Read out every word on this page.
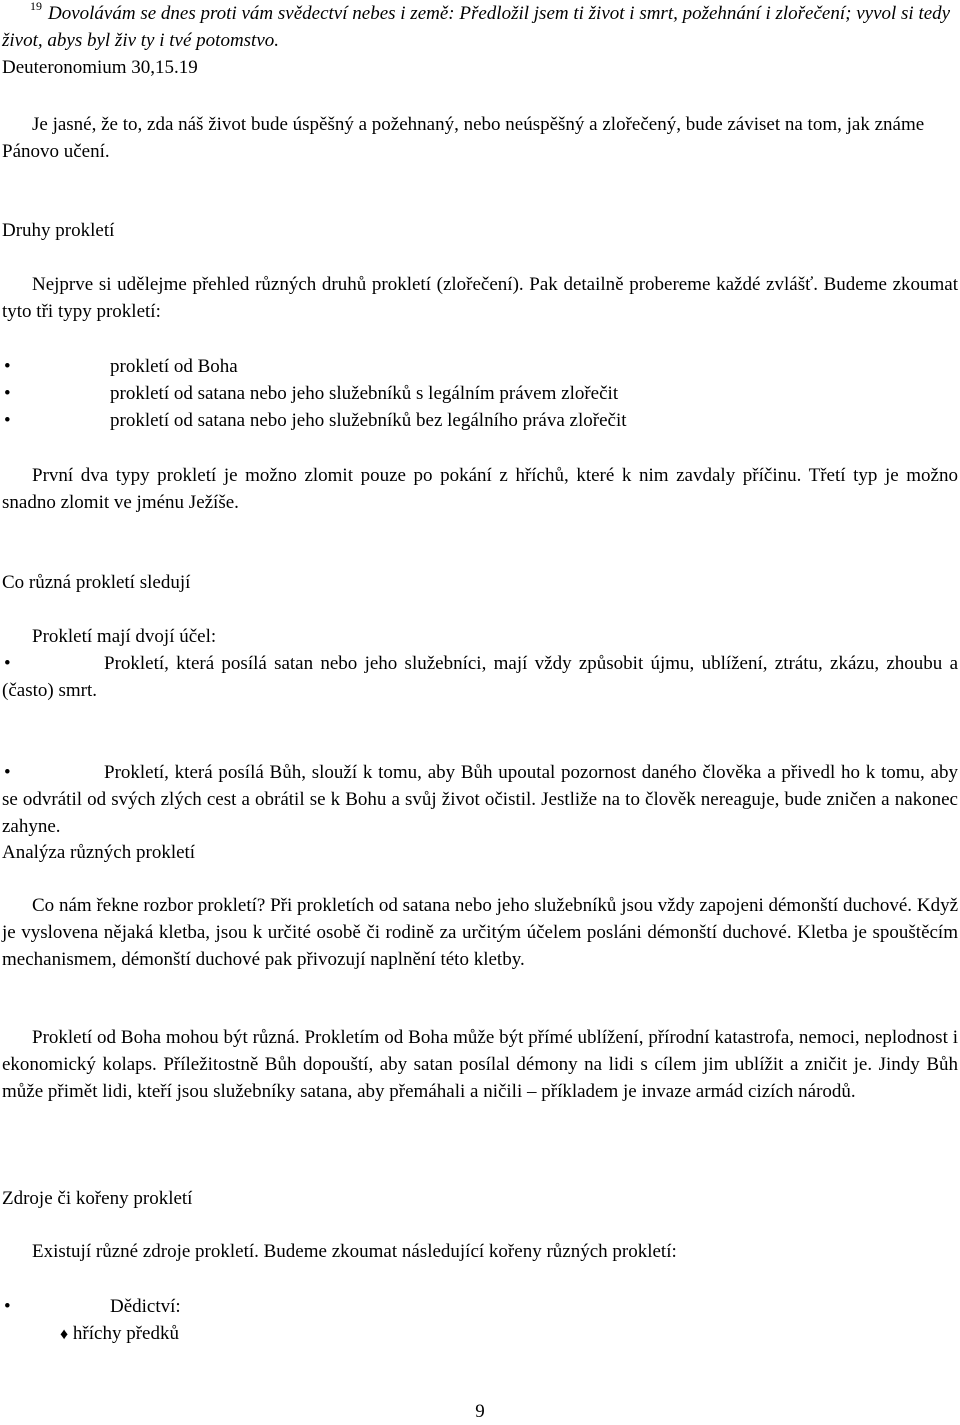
$^{19}$ Dovolávám se dnes proti vám svědectví nebes i země: Předložil jsem ti život i smrt, požehnání i zlořečení; vyvol si tedy život, abys byl živ ty i tvé potomstvo.
Deuteronomium 30,15.19
Je jasné, že to, zda náš život bude úspěšný a požehnaný, nebo neúspěšný a zlořečený, bude záviset na tom, jak známe Pánovo učení.
Druhy prokletí
Nejprve si udělejme přehled různých druhů prokletí (zlořečení). Pak detailně probereme každé zvlášť. Budeme zkoumat tyto tři typy prokletí:
•	prokletí od Boha
•	prokletí od satana nebo jeho služebníků s legálním právem zlořečit
•	prokletí od satana nebo jeho služebníků bez legálního práva zlořečit
První dva typy prokletí je možno zlomit pouze po pokání z hříchů, které k nim zavdaly příčinu. Třetí typ je možno snadno zlomit ve jménu Ježíše.
Co různá prokletí sledují
Prokletí mají dvojí účel:
•	Prokletí, která posílá satan nebo jeho služebníci, mají vždy způsobit újmu, ublížení, ztrátu, zkázu, zhoubu a (často) smrt.
•	Prokletí, která posílá Bůh, slouží k tomu, aby Bůh upoutal pozornost daného člověka a přivedl ho k tomu, aby se odvrátil od svých zlých cest a obrátil se k Bohu a svůj život očistil. Jestliže na to člověk nereaguje, bude zničen a nakonec zahyne.
Analýza různých prokletí
Co nám řekne rozbor prokletí? Při prokletích od satana nebo jeho služebníků jsou vždy zapojeni démonští duchové. Když je vyslovena nějaká kletba, jsou k určité osobě či rodině za určitým účelem posláni démonští duchové. Kletba je spouštěcím mechanismem, démonští duchové pak přivozují naplnění této kletby.
Prokletí od Boha mohou být různá. Prokletím od Boha může být přímé ublížení, přírodní katastrofa, nemoci, neplodnost i ekonomický kolaps. Příležitostně Bůh dopouští, aby satan posílal démony na lidi s cílem jim ublížit a zničit je. Jindy Bůh může přimět lidi, kteří jsou služebníky satana, aby přemáhali a ničili – příkladem je invaze armád cizích národů.
Zdroje či kořeny prokletí
Existují různé zdroje prokletí. Budeme zkoumat následující kořeny různých prokletí:
•	Dědictví:
♦ hříchy předků
9
